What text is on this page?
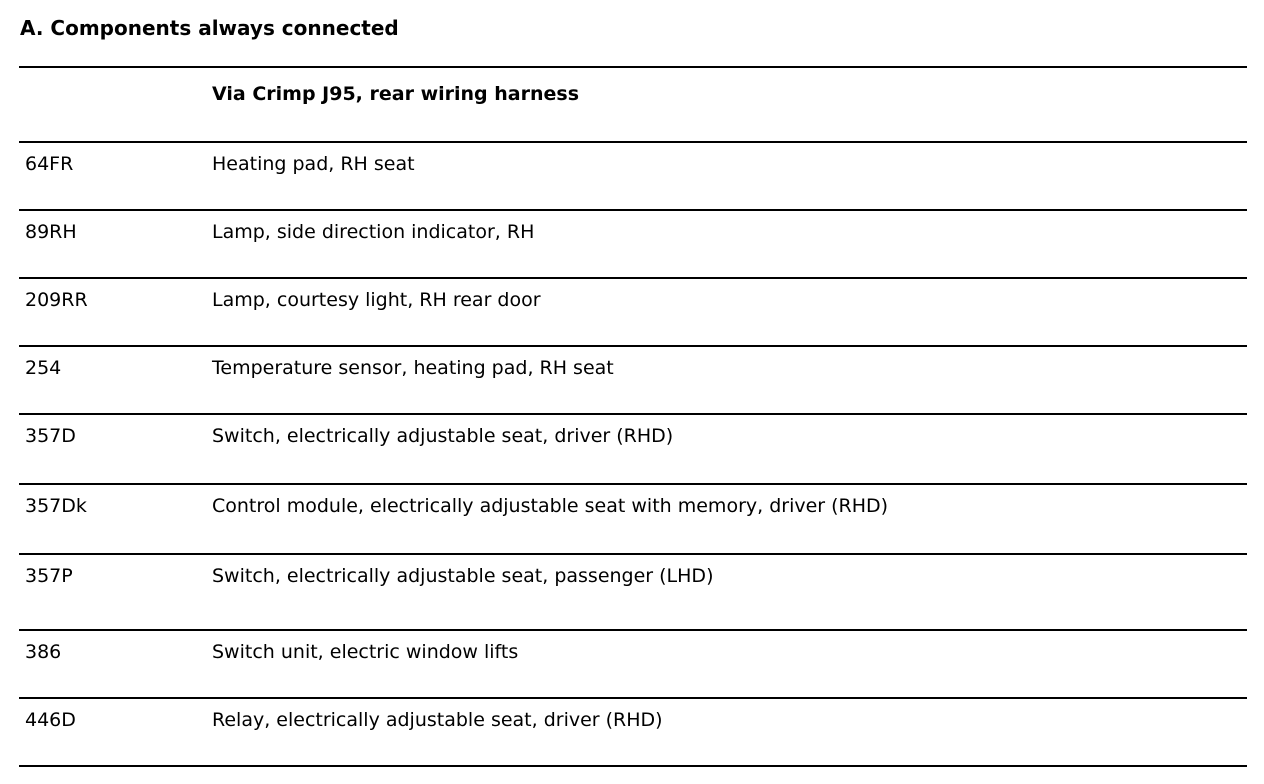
A. Components always connected
Via Crimp J95, rear wiring harness
64FR	Heating pad, RH seat
89RH	Lamp, side direction indicator, RH
209RR	Lamp, courtesy light, RH rear door
254	Temperature sensor, heating pad, RH seat
357D	Switch, electrically adjustable seat, driver (RHD)
357Dk	Control module, electrically adjustable seat with memory, driver (RHD)
357P	Switch, electrically adjustable seat, passenger (LHD)
386	Switch unit, electric window lifts
446D	Relay, electrically adjustable seat, driver (RHD)
